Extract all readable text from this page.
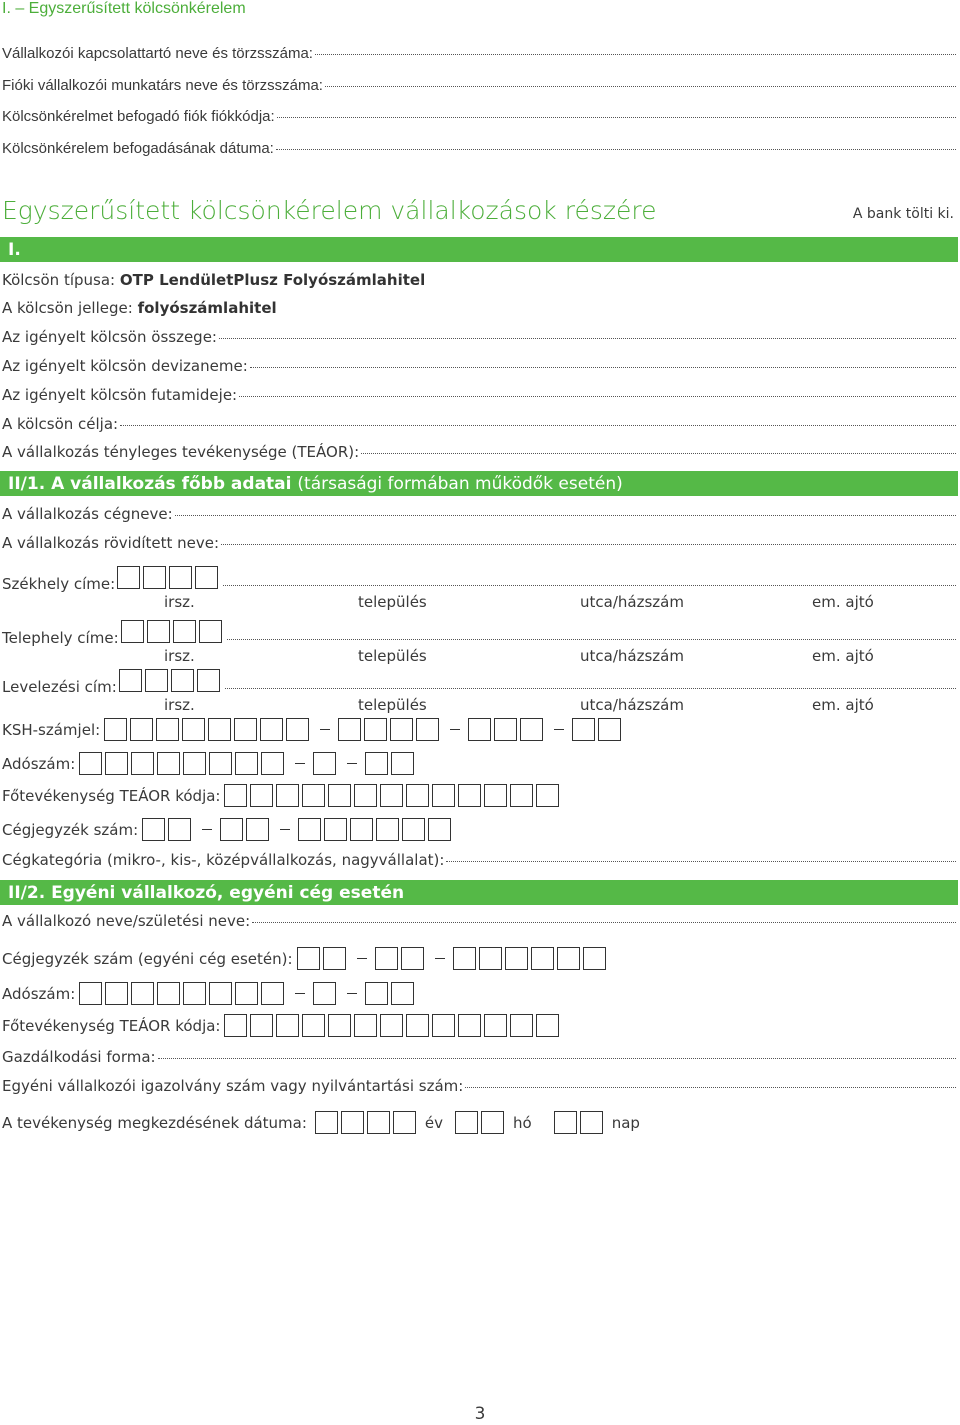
I. – Egyszerűsített kölcsönkérelem
Vállalkozói kapcsolattartó neve és törzsszáma:
Fióki vállalkozói munkatárs neve és törzsszáma:
Kölcsönkérelmet befogadó fiók fiókkódja:
Kölcsönkérelem befogadásának dátuma:
Egyszerűsített kölcsönkérelem vállalkozások részére	A bank tölti ki.
I.
Kölcsön típusa: OTP LendületPlusz Folyószámlahitel
A kölcsön jellege: folyószámlahitel
Az igényelt kölcsön összege:
Az igényelt kölcsön devizaneme:
Az igényelt kölcsön futamideje:
A kölcsön célja:
A vállalkozás tényleges tevékenysége (TEÁOR):
II/1.
A vállalkozás főbb adatai
(társasági formában működők esetén)
A vállalkozás cégneve:
A vállalkozás rövidített neve:
Székhely címe:
irsz.	település	utca/házszám	em. ajtó
Telephely címe:
irsz.	település	utca/házszám	em. ajtó
Levelezési cím:
irsz.	település	utca/házszám	em. ajtó
KSH-számjel:
Adószám:
Főtevékenység TEÁOR kódja:
Cégjegyzék szám:
Cégkategória (mikro-, kis-, középvállalkozás, nagyvállalat):
II/2. Egyéni vállalkozó, egyéni cég esetén
A vállalkozó neve/születési neve:
Cégjegyzék szám (egyéni cég esetén):
Adószám:
Főtevékenység TEÁOR kódja:
Gazdálkodási forma:
Egyéni vállalkozói igazolvány szám vagy nyilvántartási szám:
A tevékenység megkezdésének dátuma:	év	hó	nap
3
